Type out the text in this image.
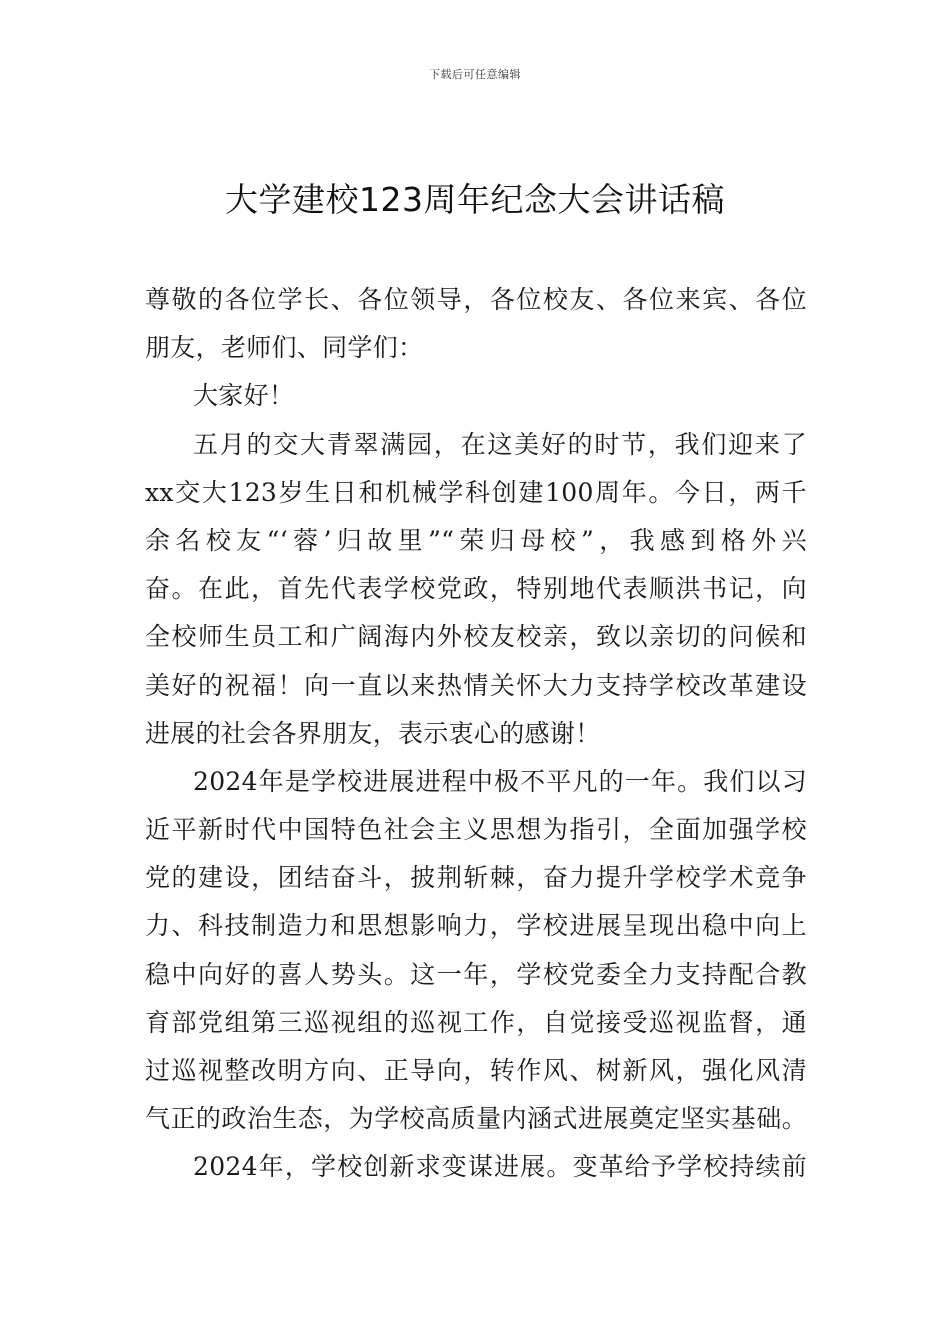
下载后可任意编辑
大学建校123周年纪念大会讲话稿
尊敬的各位学长、各位领导，各位校友、各位来宾、各位
朋友，老师们、同学们：
大家好！
五月的交大青翠满园，在这美好的时节，我们迎来了
xx交大123岁生日和机械学科创建100周年。今日，两千
余名校友“‘蓉’归故里”“荣归母校”，我感到格外兴
奋。在此，首先代表学校党政，特别地代表顺洪书记，向
全校师生员工和广阔海内外校友校亲，致以亲切的问候和
美好的祝福！向一直以来热情关怀大力支持学校改革建设
进展的社会各界朋友，表示衷心的感谢！
2024年是学校进展进程中极不平凡的一年。我们以习
近平新时代中国特色社会主义思想为指引，全面加强学校
党的建设，团结奋斗，披荆斩棘，奋力提升学校学术竞争
力、科技制造力和思想影响力，学校进展呈现出稳中向上
稳中向好的喜人势头。这一年，学校党委全力支持配合教
育部党组第三巡视组的巡视工作，自觉接受巡视监督，通
过巡视整改明方向、正导向，转作风、树新风，强化风清
气正的政治生态，为学校高质量内涵式进展奠定坚实基础。
2024年，学校创新求变谋进展。变革给予学校持续前
